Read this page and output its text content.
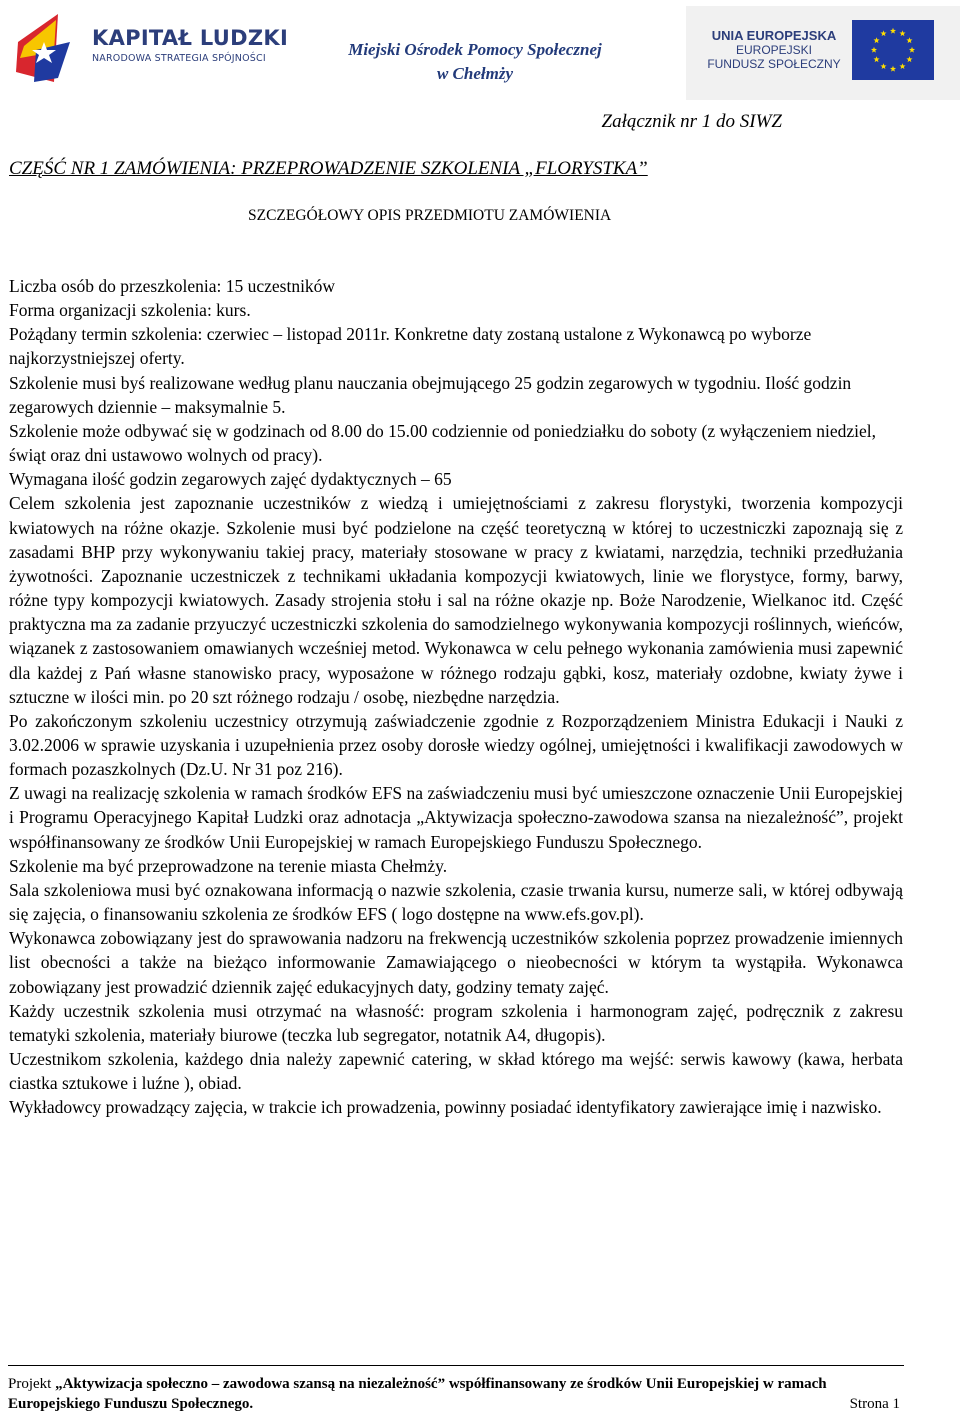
KAPITAŁ LUDZKI
NARODOWA STRATEGIA SPÓJNOŚCI	Miejski Ośrodek Pomocy Społecznej
w Chełmży
UNIA EUROPEJSKA
EUROPEJSKI
FUNDUSZ SPOŁECZNY
Załącznik nr 1 do SIWZ
CZĘŚĆ NR 1 ZAMÓWIENIA: PRZEPROWADZENIE SZKOLENIA „FLORYSTKA”
SZCZEGÓŁOWY OPIS PRZEDMIOTU ZAMÓWIENIA

Liczba osób do przeszkolenia: 15 uczestników

Forma organizacji szkolenia: kurs.

Pożądany termin szkolenia: czerwiec – listopad 2011r. Konkretne daty zostaną ustalone z Wykonawcą po wyborze najkorzystniejszej oferty.

Szkolenie musi byś realizowane według planu nauczania obejmującego 25 godzin zegarowych w tygodniu. Ilość godzin zegarowych dziennie – maksymalnie 5.

Szkolenie może odbywać się w godzinach od 8.00 do 15.00 codziennie od poniedziałku do soboty (z wyłączeniem niedziel, świąt oraz dni ustawowo wolnych od pracy).

Wymagana ilość godzin zegarowych zajęć dydaktycznych – 65

Celem szkolenia jest zapoznanie uczestników z wiedzą i umiejętnościami z zakresu florystyki, tworzenia kompozycji kwiatowych na różne okazje. Szkolenie musi być podzielone na część teoretyczną w której to uczestniczki zapoznają się z zasadami BHP przy wykonywaniu takiej pracy, materiały stosowane w pracy z kwiatami, narzędzia, techniki przedłużania żywotności. Zapoznanie uczestniczek z technikami układania kompozycji kwiatowych, linie we florystyce, formy, barwy, różne typy kompozycji kwiatowych. Zasady strojenia stołu i sal na różne okazje np. Boże Narodzenie, Wielkanoc itd. Część praktyczna ma za zadanie przyuczyć uczestniczki szkolenia do samodzielnego wykonywania kompozycji roślinnych, wieńców, wiązanek z zastosowaniem omawianych wcześniej metod. Wykonawca w celu pełnego wykonania zamówienia musi zapewnić dla każdej z Pań własne stanowisko pracy, wyposażone w różnego rodzaju gąbki, kosz, materiały ozdobne, kwiaty żywe i sztuczne w ilości min. po 20 szt różnego rodzaju / osobę, niezbędne narzędzia.

Po zakończonym szkoleniu uczestnicy otrzymują zaświadczenie zgodnie z Rozporządzeniem Ministra Edukacji i Nauki z 3.02.2006 w sprawie uzyskania i uzupełnienia przez osoby dorosłe wiedzy ogólnej, umiejętności i kwalifikacji zawodowych w formach pozaszkolnych (Dz.U. Nr 31 poz 216).

Z uwagi na realizację szkolenia w ramach środków EFS na zaświadczeniu musi być umieszczone oznaczenie Unii Europejskiej i Programu Operacyjnego Kapitał Ludzki oraz adnotacja „Aktywizacja społeczno-zawodowa szansa na niezależność”, projekt współfinansowany ze środków Unii Europejskiej w ramach Europejskiego Funduszu Społecznego.

Szkolenie ma być przeprowadzone na terenie miasta Chełmży.

Sala szkoleniowa musi być oznakowana informacją o nazwie szkolenia, czasie trwania kursu, numerze sali, w której odbywają się zajęcia, o finansowaniu szkolenia ze środków EFS ( logo dostępne na www.efs.gov.pl).

Wykonawca zobowiązany jest do sprawowania nadzoru na frekwencją uczestników szkolenia poprzez prowadzenie imiennych list obecności a także na bieżąco informowanie Zamawiającego o nieobecności w którym ta wystąpiła. Wykonawca zobowiązany jest prowadzić dziennik zajęć edukacyjnych daty, godziny tematy zajęć.

Każdy uczestnik szkolenia musi otrzymać na własność: program szkolenia i harmonogram zajęć, podręcznik z zakresu tematyki szkolenia, materiały biurowe (teczka lub segregator, notatnik A4, długopis).

Uczestnikom szkolenia, każdego dnia należy zapewnić catering, w skład którego ma wejść: serwis kawowy (kawa, herbata ciastka sztukowe i luźne ), obiad.

Wykładowcy prowadzący zajęcia, w trakcie ich prowadzenia, powinny posiadać identyfikatory zawierające imię i nazwisko.

Projekt „Aktywizacja społeczno – zawodowa szansą na niezależność” współfinansowany ze środków Unii Europejskiej w ramach Europejskiego Funduszu Społecznego.	Strona 1
